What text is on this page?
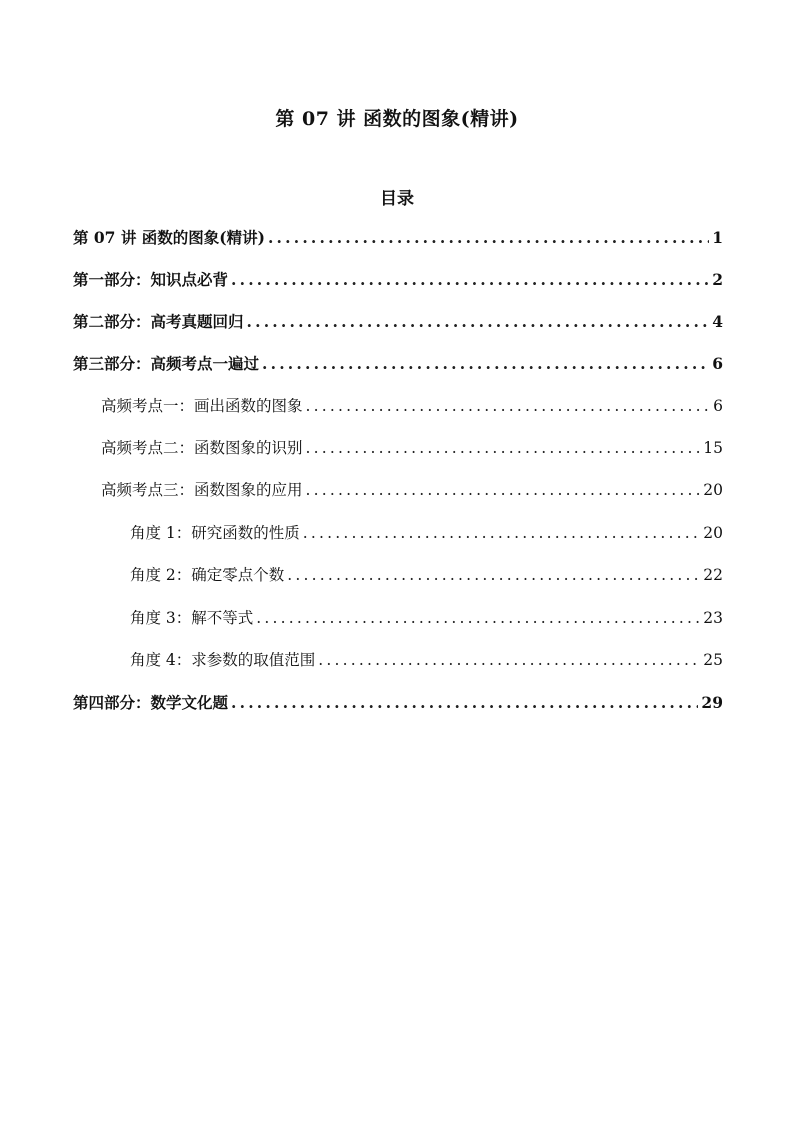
第 07 讲 函数的图象(精讲)
目录
第 07 讲 函数的图象(精讲) .....	1
第一部分：知识点必背 .....	2
第二部分：高考真题回归 .....	4
第三部分：高频考点一遍过 .....	6
高频考点一：画出函数的图象 .....	6
高频考点二：函数图象的识别 .....	15
高频考点三：函数图象的应用 .....	20
角度 1：研究函数的性质 .....	20
角度 2：确定零点个数 .....	22
角度 3：解不等式 .....	23
角度 4：求参数的取值范围 .....	25
第四部分：数学文化题 .....	29
